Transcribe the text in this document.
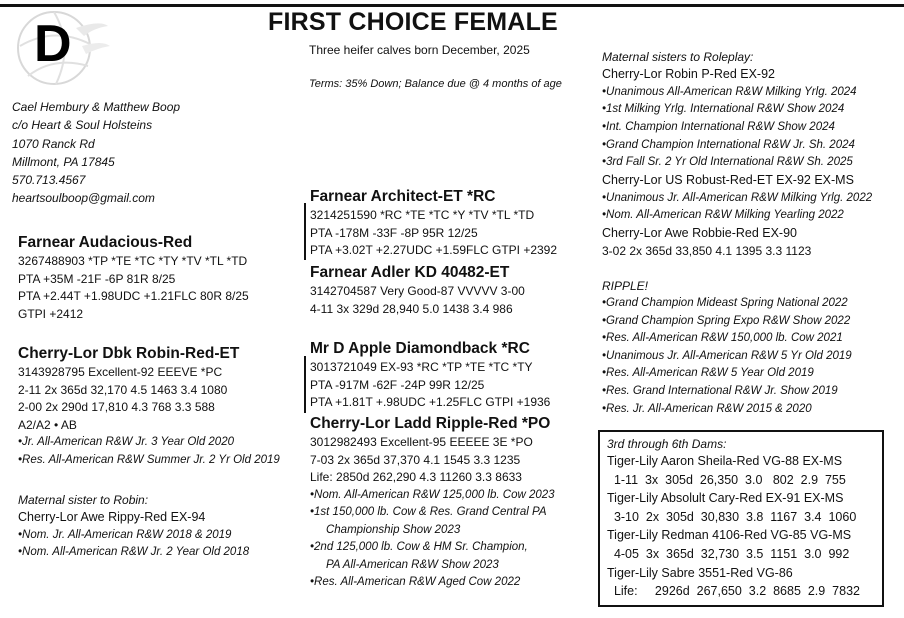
D	FIRST CHOICE FEMALE
Three heifer calves born December, 2025
Terms: 35% Down; Balance due @ 4 months of age
Cael Hembury & Matthew Boop
c/o Heart & Soul Holsteins
1070 Ranck Rd
Millmont, PA 17845
570.713.4567
heartsoulboop@gmail.com
Farnear Audacious-Red
3267488903 *TP *TE *TC *TY *TV *TL *TD
PTA +35M -21F -6P 81R 8/25
PTA +2.44T +1.98UDC +1.21FLC 80R 8/25
GTPI +2412
Cherry-Lor Dbk Robin-Red-ET
3143928795 Excellent-92 EEEVE *PC
2-11 2x 365d 32,170 4.5 1463 3.4 1080
2-00 2x 290d 17,810 4.3 768 3.3 588
A2/A2 • AB
•Jr. All-American R&W Jr. 3 Year Old 2020
•Res. All-American R&W Summer Jr. 2 Yr Old 2019
Maternal sister to Robin:
Cherry-Lor Awe Rippy-Red EX-94
•Nom. Jr. All-American R&W 2018 & 2019
•Nom. All-American R&W Jr. 2 Year Old 2018
Farnear Architect-ET *RC
3214251590 *RC *TE *TC *Y *TV *TL *TD
PTA -178M -33F -8P 95R 12/25
PTA +3.02T +2.27UDC +1.59FLC GTPI +2392
Farnear Adler KD 40482-ET
3142704587 Very Good-87 VVVVV 3-00
4-11 3x 329d 28,940 5.0 1438 3.4 986
Mr D Apple Diamondback *RC
3013721049 EX-93 *RC *TP *TE *TC *TY
PTA -917M -62F -24P 99R 12/25
PTA +1.81T +.98UDC +1.25FLC GTPI +1936
Cherry-Lor Ladd Ripple-Red *PO
3012982493 Excellent-95 EEEEE 3E *PO
7-03 2x 365d 37,370 4.1 1545 3.3 1235
Life: 2850d 262,290 4.3 11260 3.3 8633
•Nom. All-American R&W 125,000 lb. Cow 2023
•1st 150,000 lb. Cow & Res. Grand Central PA
Championship Show 2023
•2nd 125,000 lb. Cow & HM Sr. Champion,
PA All-American R&W Show 2023
•Res. All-American R&W Aged Cow 2022
Maternal sisters to Roleplay:
Cherry-Lor Robin P-Red EX-92
•Unanimous All-American R&W Milking Yrlg. 2024
•1st Milking Yrlg. International R&W Show 2024
•Int. Champion International R&W Show 2024
•Grand Champion International R&W Jr. Sh. 2024
•3rd Fall Sr. 2 Yr Old International R&W Sh. 2025
Cherry-Lor US Robust-Red-ET EX-92 EX-MS
•Unanimous Jr. All-American R&W Milking Yrlg. 2022
•Nom. All-American R&W Milking Yearling 2022
Cherry-Lor Awe Robbie-Red EX-90
3-02 2x 365d 33,850 4.1 1395 3.3 1123
RIPPLE!
•Grand Champion Mideast Spring National 2022
•Grand Champion Spring Expo R&W Show 2022
•Res. All-American R&W 150,000 lb. Cow 2021
•Unanimous Jr. All-American R&W 5 Yr Old 2019
•Res. All-American R&W 5 Year Old 2019
•Res. Grand International R&W Jr. Show 2019
•Res. Jr. All-American R&W 2015 & 2020
3rd through 6th Dams:
Tiger-Lily Aaron Sheila-Red VG-88 EX-MS
1-11  3x  305d  26,350  3.0   802  2.9  755
Tiger-Lily Absolult Cary-Red EX-91 EX-MS
3-10  2x  305d  30,830  3.8  1167  3.4  1060
Tiger-Lily Redman 4106-Red VG-85 VG-MS
4-05  3x  365d  32,730  3.5  1151  3.0  992
Tiger-Lily Sabre 3551-Red VG-86
Life:     2926d  267,650  3.2  8685  2.9  7832
